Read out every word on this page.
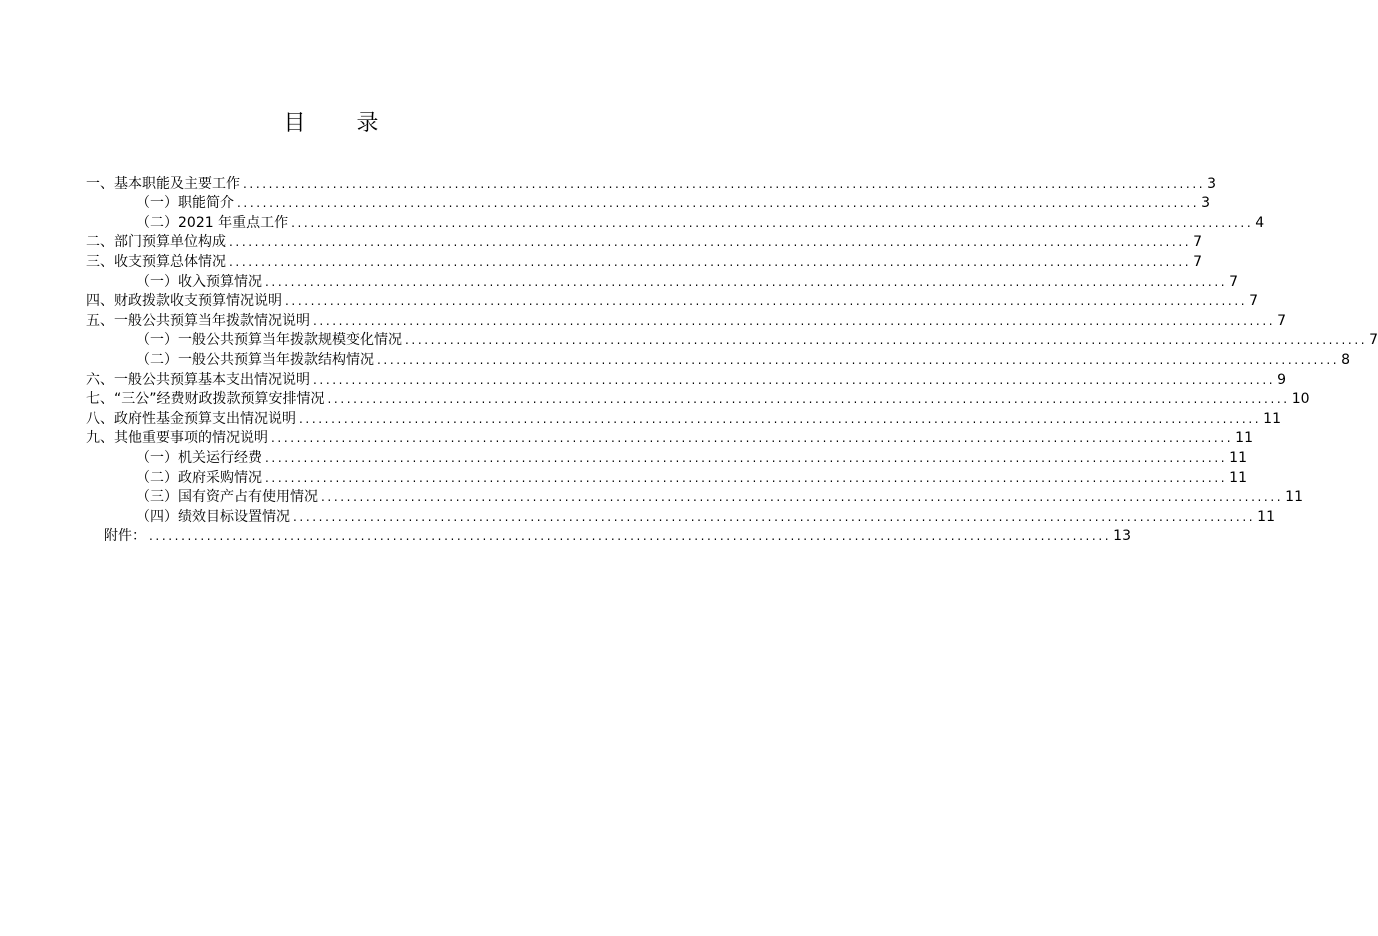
目 录
一、基本职能及主要工作 ...................................................................................................................................................... 3
（一）职能简介 ...................................................................................................................................................... 3
（二）2021 年重点工作 ...................................................................................................................................................... 4
二、部门预算单位构成 ...................................................................................................................................................... 7
三、收支预算总体情况 ...................................................................................................................................................... 7
（一）收入预算情况 ...................................................................................................................................................... 7
四、财政拨款收支预算情况说明 ...................................................................................................................................................... 7
五、一般公共预算当年拨款情况说明 ...................................................................................................................................................... 7
（一）一般公共预算当年拨款规模变化情况 ...................................................................................................................................................... 7
（二）一般公共预算当年拨款结构情况 ...................................................................................................................................................... 8
六、一般公共预算基本支出情况说明 ...................................................................................................................................................... 9
七、“三公”经费财政拨款预算安排情况 ...................................................................................................................................................... 10
八、政府性基金预算支出情况说明 ...................................................................................................................................................... 11
九、其他重要事项的情况说明 ...................................................................................................................................................... 11
（一）机关运行经费 ...................................................................................................................................................... 11
（二）政府采购情况 ...................................................................................................................................................... 11
（三）国有资产占有使用情况 ...................................................................................................................................................... 11
（四）绩效目标设置情况 ...................................................................................................................................................... 11
附件： ...................................................................................................................................................... 13
